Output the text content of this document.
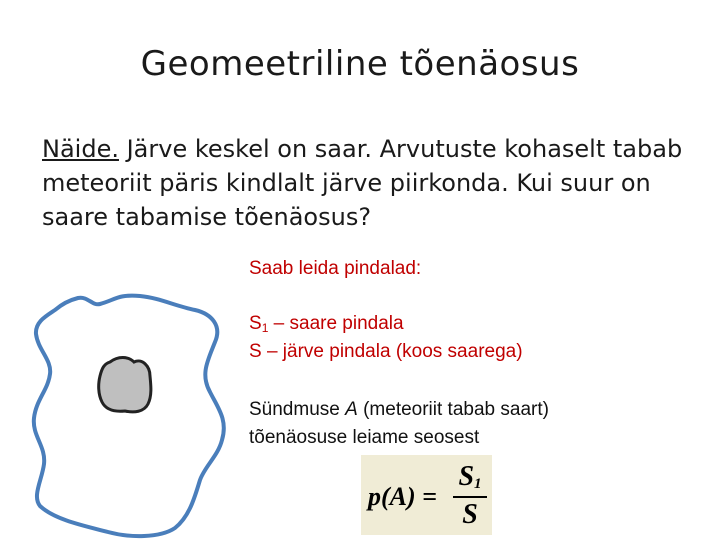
Geomeetriline tõenäosus
Näide. Järve keskel on saar. Arvutuste kohaselt tabab meteoriit päris kindlalt järve piirkonda. Kui suur on saare tabamise tõenäosus?
Saab leida pindalad:
$S_1$ – saare pindala
S – järve pindala (koos saarega)
Sündmuse A (meteoriit tabab saart)
tõenäosuse leiame seosest
p(A) =
$S_1$
S
